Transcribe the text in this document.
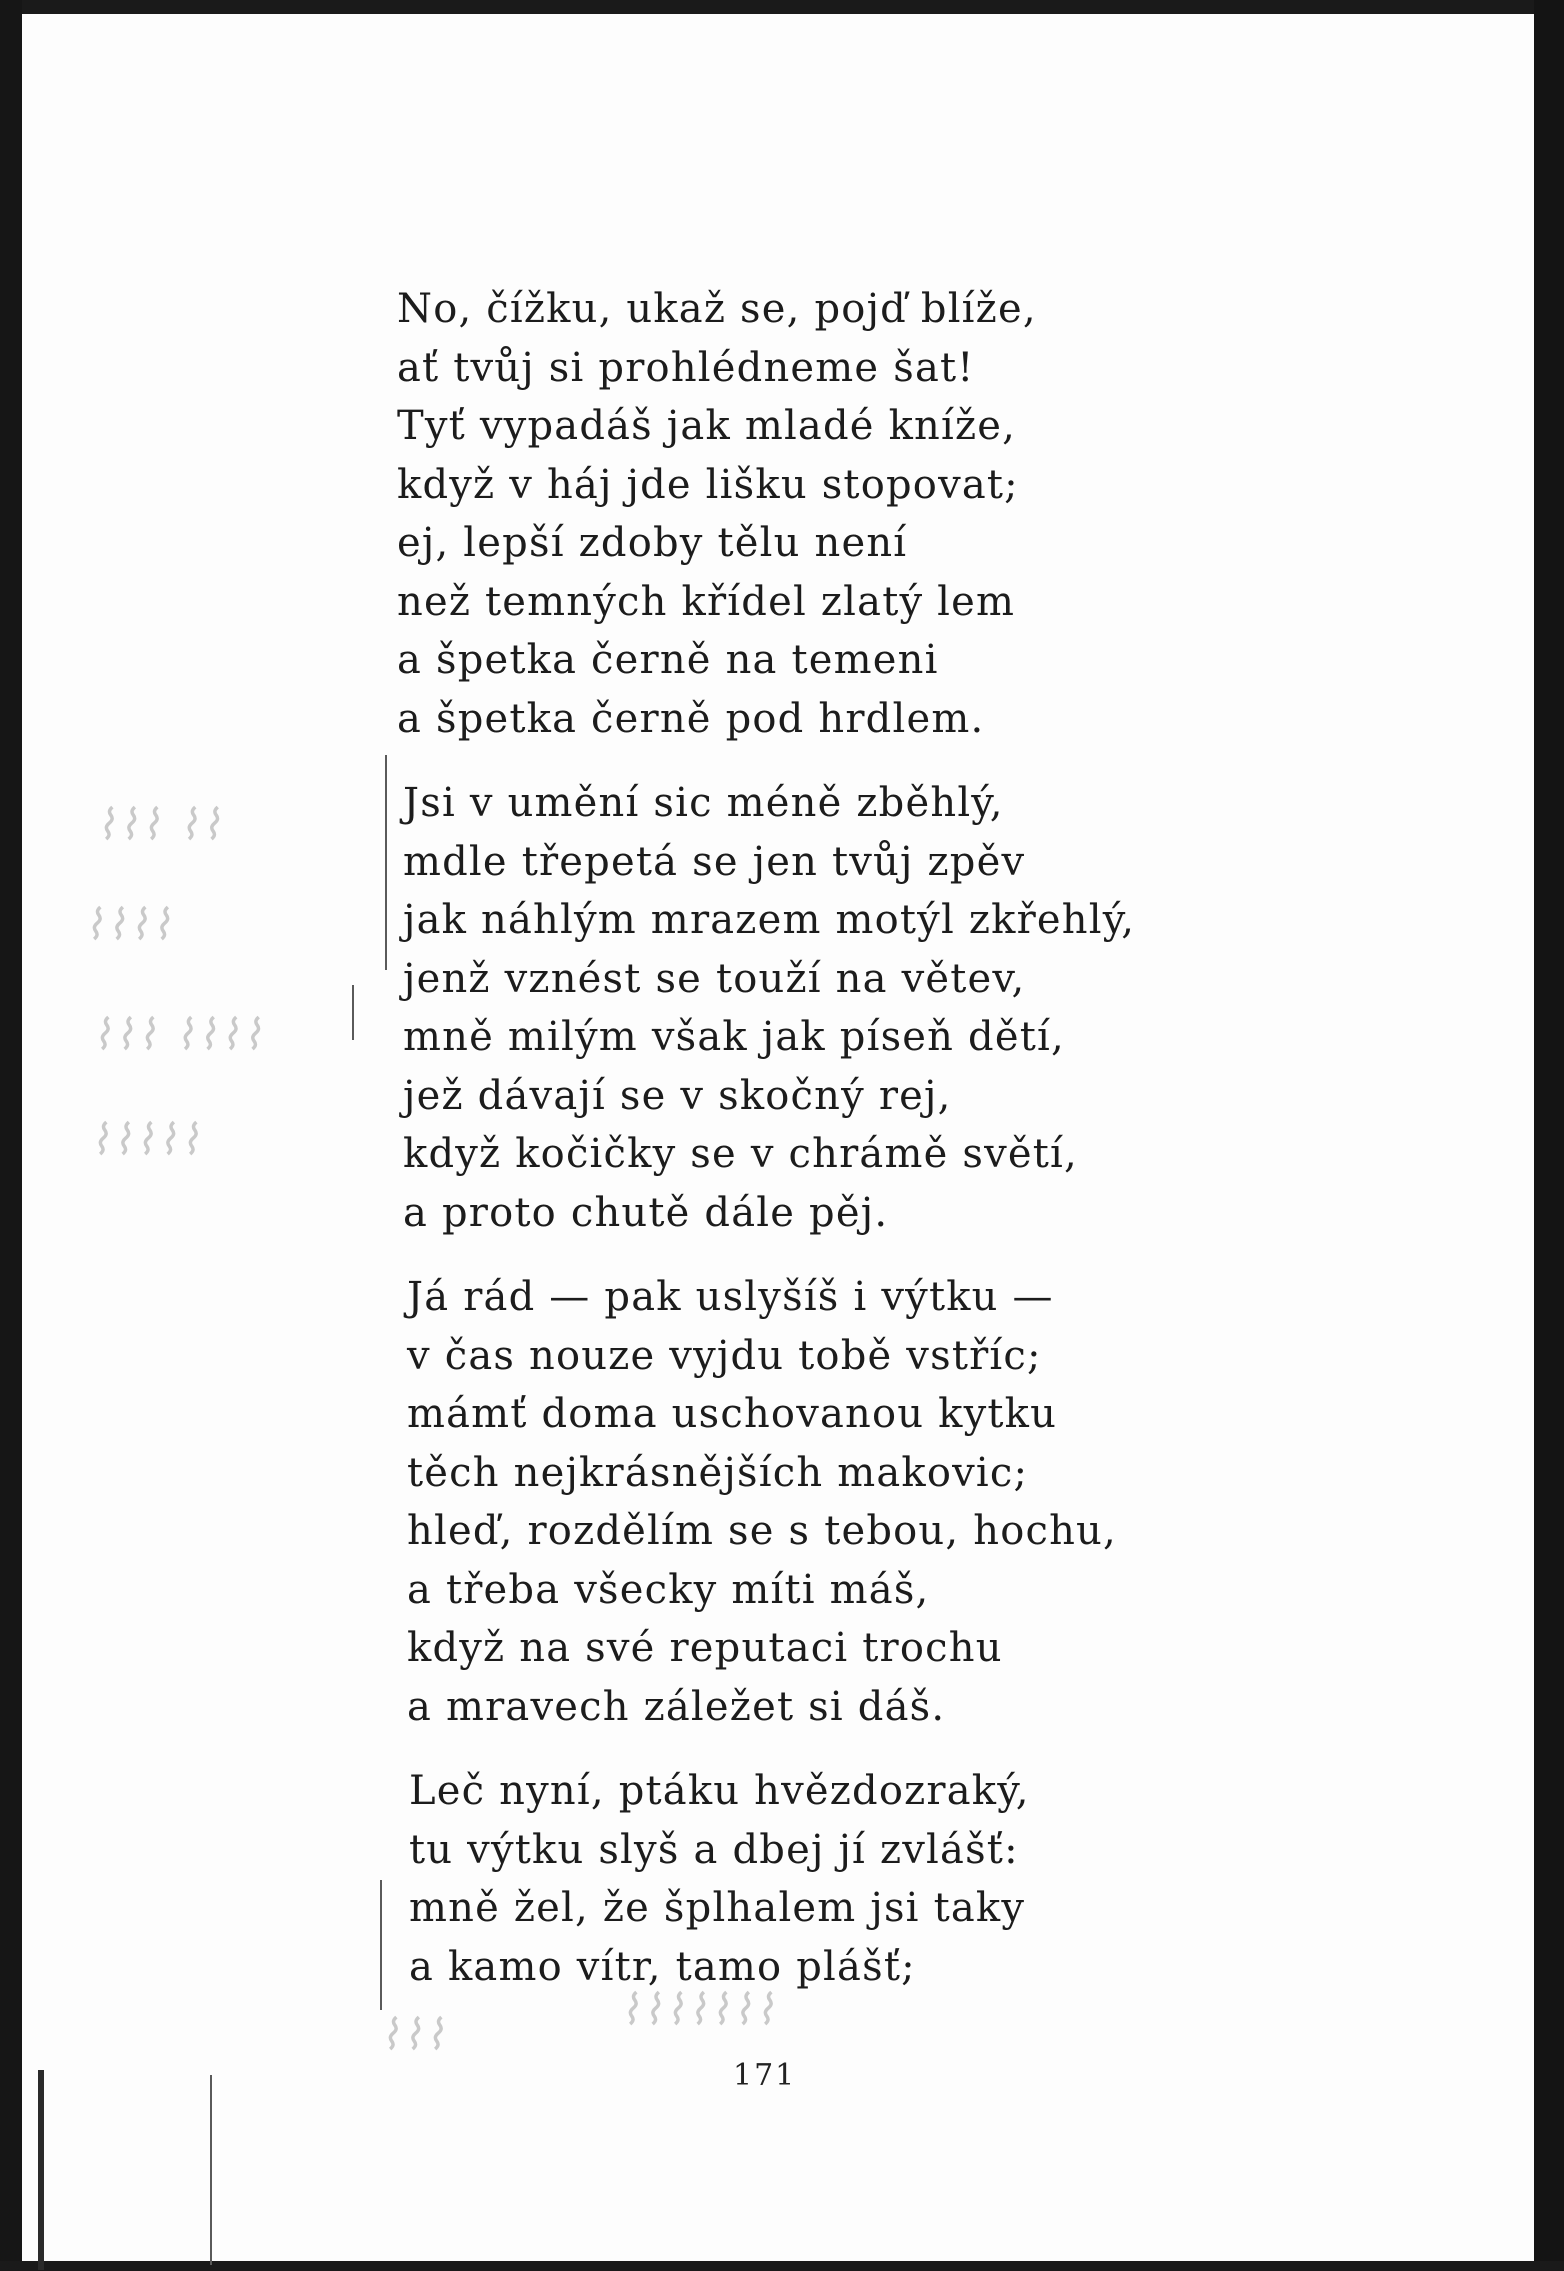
⌇⌇⌇ ⌇⌇
⌇⌇⌇⌇
⌇⌇⌇ ⌇⌇⌇⌇
⌇⌇⌇⌇⌇
⌇⌇⌇⌇⌇⌇⌇
⌇⌇⌇
No, čížku, ukaž se, pojď blíže,
ať tvůj si prohlédneme šat!
Tyť vypadáš jak mladé kníže,
když v háj jde lišku stopovat;
ej, lepší zdoby tělu není
než temných křídel zlatý lem
a špetka černě na temeni
a špetka černě pod hrdlem.
Jsi v umění sic méně zběhlý,
mdle třepetá se jen tvůj zpěv
jak náhlým mrazem motýl zkřehlý,
jenž vznést se touží na větev,
mně milým však jak píseň dětí,
jež dávají se v skočný rej,
když kočičky se v chrámě světí,
a proto chutě dále pěj.
Já rád — pak uslyšíš i výtku —
v čas nouze vyjdu tobě vstříc;
mámť doma uschovanou kytku
těch nejkrásnějších makovic;
hleď, rozdělím se s tebou, hochu,
a třeba všecky míti máš,
když na své reputaci trochu
a mravech záležet si dáš.
Leč nyní, ptáku hvězdozraký,
tu výtku slyš a dbej jí zvlášť:
mně žel, že šplhalem jsi taky
a kamo vítr, tamo plášť;
171
